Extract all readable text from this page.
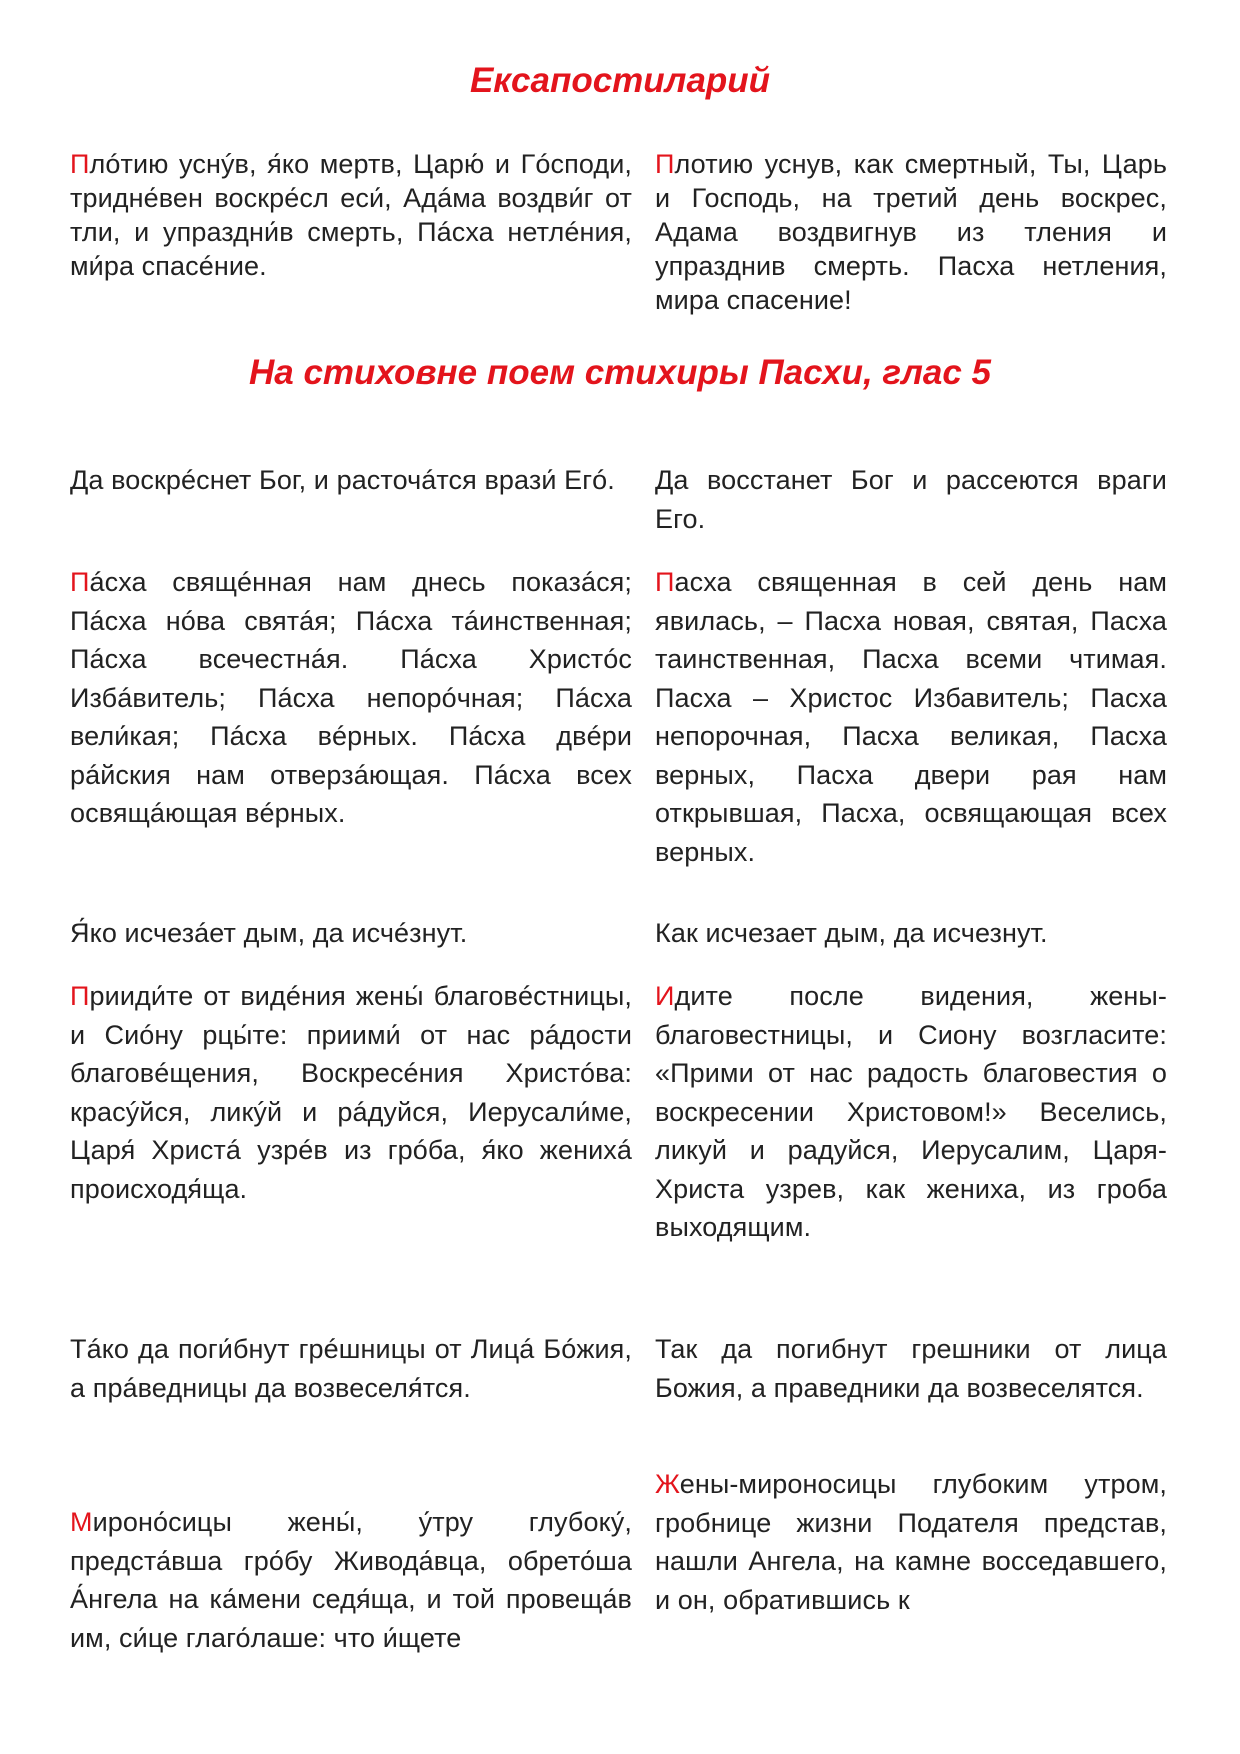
Ексапостиларий

Плóтию уснý‌в, я́ко мертв, Царю́ и Гóсподи, тридне́вен воскре́сл еси́, Адáма воздви́г от тли, и упраздни́в смерть, Пáсха нетлéния, ми́ра спасéние.

Плотию уснув, как смертный, Ты, Царь и Господь, на третий день воскрес, Адама воздвигнув из тления и упразднив смерть. Пасха нетления, мира спасение!

На стиховне поем стихиры Пасхи, глас 5

Да воскрéснет Бог, и расточáтся врази́ Егó.	Да восстанет Бог и рассеются враги Его.

Пáсха свящéнная нам днесь показáся; Пáсха нóва святáя; Пáсха тáинственная; Пáсха всечестнáя. Пáсха Христóс Избáвитель; Пáсха непорóчная; Пáсха вели́кая; Пáсха вéрных. Пáсха двéри рáйския нам отверзáющая. Пáсха всех освящáющая вéрных.

Пасха священная в сей день нам явилась, – Пасха новая, святая, Пасха таинственная, Пасха всеми чтимая. Пасха – Христос Избавитель; Пасха непорочная, Пасха великая, Пасха верных, Пасха двери рая нам открывшая, Пасха, освящающая всех верных.

Я́ко исчезáет дым, да исчéзнут.	Как исчезает дым, да исчезнут.

Прииди́те от видéния жены́ благовéстницы, и Сиóну рцы́те: приими́ от нас рáдости благовéщения, Воскресéния Христóва: красýйся, ликýй и рáдуйся, Иерусали́ме, Царя́ Христá узрéв из грóба, я́ко женихá происходя́ща.

Идите после видения, жены-благовестницы, и Сиону возгласите: «Прими от нас радость благовестия о воскресении Христовом!» Веселись, ликуй и радуйся, Иерусалим, Царя-Христа узрев, как жениха, из гроба выходящим.

Тáко да поги́бнут грéшницы от Лицá Бóжия, а прáведницы да возвеселя́тся.

Так да погибнут грешники от лица Божия, а праведники да возвеселятся.

Мироно́сицы жены́, у́тру глубоку́, предста́вша гро́бу Живода́вца, обрето́ша А́нгела на ка́мени седя́ща, и той провеща́в им, си́це глаго́лаше: что и́щете

Жены-мироносицы глубоким утром, гробнице жизни Подателя представ, нашли Ангела, на камне восседавшего, и он, обратившись к
